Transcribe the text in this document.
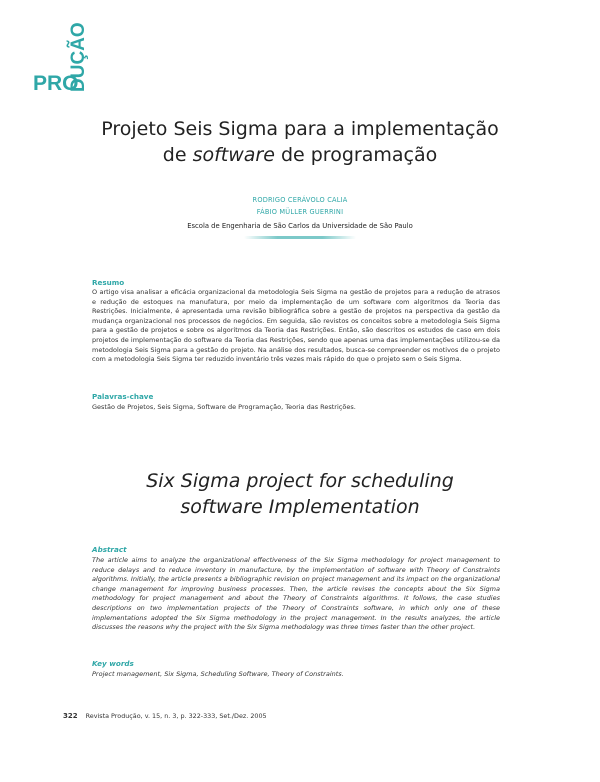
PRO
DUÇÃO
Projeto Seis Sigma para a implementação
de software de programação
RODRIGO CERÁVOLO CALIA
FÁBIO MÜLLER GUERRINI
Escola de Engenharia de São Carlos da Universidade de São Paulo
Resumo
O artigo visa analisar a eficácia organizacional da metodologia Seis Sigma na gestão de projetos para a redução de atrasos e redução de estoques na manufatura, por meio da implementação de um software com algoritmos da Teoria das Restrições. Inicialmente, é apresentada uma revisão bibliográfica sobre a gestão de projetos na perspectiva da gestão da mudança organizacional nos processos de negócios. Em seguida, são revistos os conceitos sobre a metodologia Seis Sigma para a gestão de projetos e sobre os algoritmos da Teoria das Restrições. Então, são descritos os estudos de caso em dois projetos de implementação do software da Teoria das Restrições, sendo que apenas uma das implementações utilizou-se da metodologia Seis Sigma para a gestão do projeto. Na análise dos resultados, busca-se compreender os motivos de o projeto com a metodologia Seis Sigma ter reduzido inventário três vezes mais rápido do que o projeto sem o Seis Sigma.
Palavras-chave
Gestão de Projetos, Seis Sigma, Software de Programação, Teoria das Restrições.
Six Sigma project for scheduling
software Implementation
Abstract
The article aims to analyze the organizational effectiveness of the Six Sigma methodology for project management to reduce delays and to reduce inventory in manufacture, by the implementation of software with Theory of Constraints algorithms. Initially, the article presents a bibliographic revision on project management and its impact on the organizational change management for improving business processes. Then, the article revises the concepts about the Six Sigma methodology for project management and about the Theory of Constraints algorithms. It follows, the case studies descriptions on two implementation projects of the Theory of Constraints software, in which only one of these implementations adopted the Six Sigma methodology in the project management. In the results analyzes, the article discusses the reasons why the project with the Six Sigma methodology was three times faster than the other project.
Key words
Project management, Six Sigma, Scheduling Software, Theory of Constraints.
322 Revista Produção, v. 15, n. 3, p. 322-333, Set./Dez. 2005
